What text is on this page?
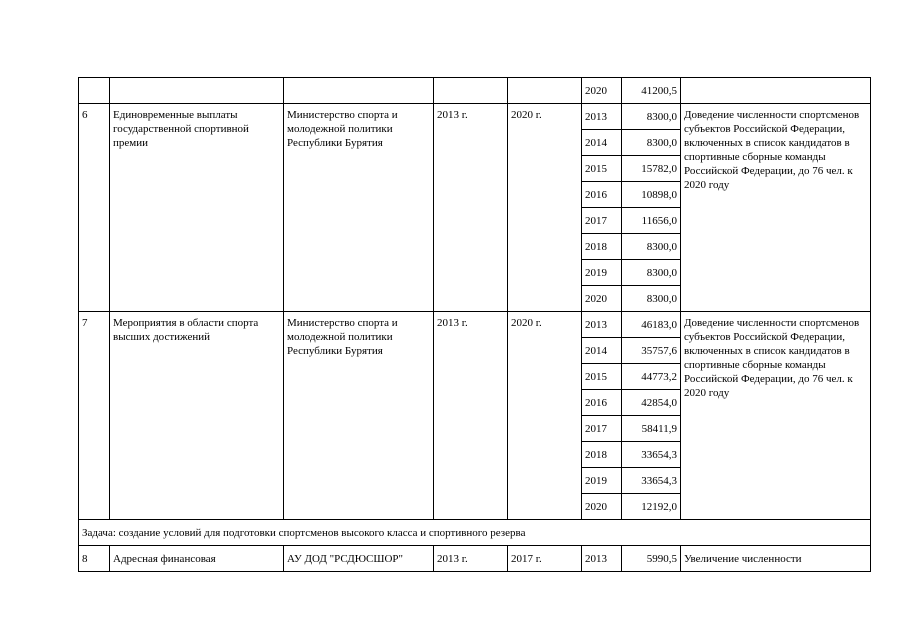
					2020	41200,5	
6	Единовременные выплаты государственной спортивной премии	Министерство спорта и молодежной политики Республики Бурятия	2013 г.	2020 г.	2013	8300,0	Доведение численности спортсменов субъектов Российской Федерации, включенных в список кандидатов в спортивные сборные команды Российской Федерации, до 76 чел. к 2020 году
					2014	8300,0	
					2015	15782,0	
					2016	10898,0	
					2017	11656,0	
					2018	8300,0	
					2019	8300,0	
					2020	8300,0	
7	Мероприятия в области спорта высших достижений	Министерство спорта и молодежной политики Республики Бурятия	2013 г.	2020 г.	2013	46183,0	Доведение численности спортсменов субъектов Российской Федерации, включенных в список кандидатов в спортивные сборные команды Российской Федерации, до 76 чел. к 2020 году
					2014	35757,6	
					2015	44773,2	
					2016	42854,0	
					2017	58411,9	
					2018	33654,3	
					2019	33654,3	
					2020	12192,0	
Задача: создание условий для подготовки спортсменов высокого класса и спортивного резерва							
8	Адресная финансовая	АУ ДОД "РСДЮСШОР"	2013 г.	2017 г.	2013	5990,5	Увеличение численности
